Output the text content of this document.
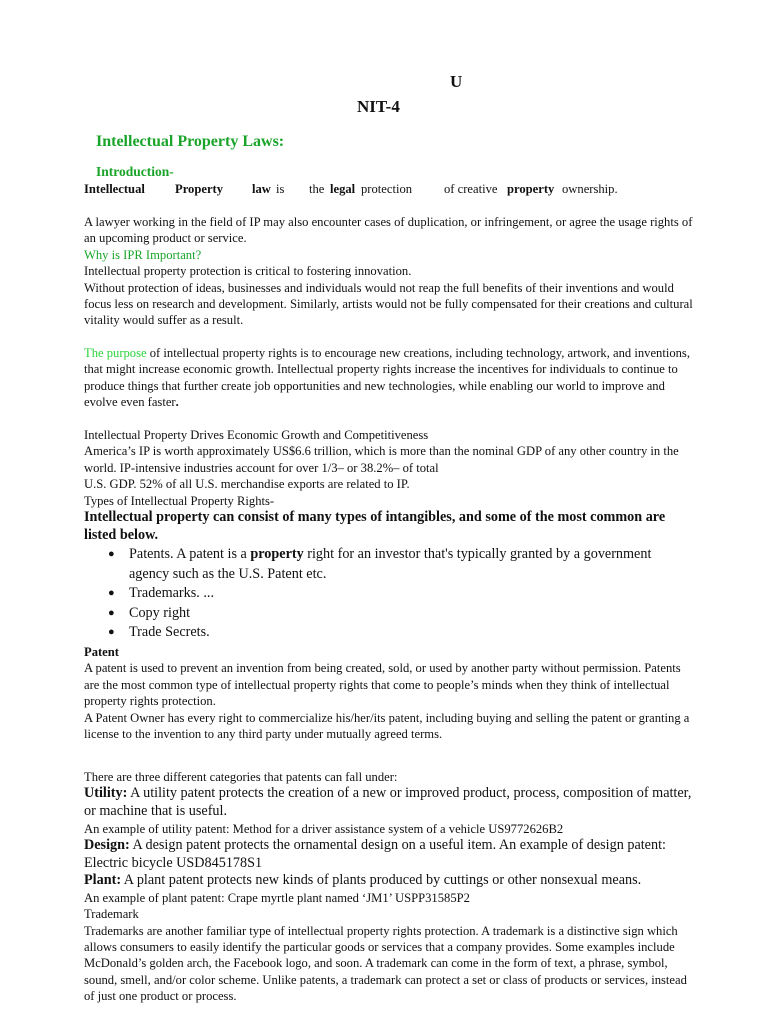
U
NIT-4
Intellectual Property Laws:
Introduction-
Intellectual Property law is the legal protection	of creative property ownership.

A lawyer working in the field of IP may also encounter cases of duplication, or infringement, or agree the usage rights of an upcoming product or service.

Why is IPR Important?

Intellectual property protection is critical to fostering innovation.

Without protection of ideas, businesses and individuals would not reap the full benefits of their inventions and would focus less on research and development. Similarly, artists would not be fully compensated for their creations and cultural vitality would suffer as a result.

The purpose of intellectual property rights is to encourage new creations, including technology, artwork, and inventions, that might increase economic growth. Intellectual property rights increase the incentives for individuals to continue to produce things that further create job opportunities and new technologies, while enabling our world to improve and evolve even faster.

Intellectual Property Drives Economic Growth and Competitiveness

America’s IP is worth approximately US$6.6 trillion, which is more than the nominal GDP of any other country in the world. IP-intensive industries account for over 1/3– or 38.2%– of total

U.S. GDP. 52% of all U.S. merchandise exports are related to IP.

Types of Intellectual Property Rights-

Intellectual property can consist of many types of intangibles, and some of the most common are listed below.

● Patents. A patent is a property right for an investor that's typically granted by a government agency such as the U.S. Patent etc.
● Trademarks. ...
● Copy right
● Trade Secrets.

Patent

A patent is used to prevent an invention from being created, sold, or used by another party without permission. Patents are the most common type of intellectual property rights that come to people’s minds when they think of intellectual property rights protection.

A Patent Owner has every right to commercialize his/her/its patent, including buying and selling the patent or granting a license to the invention to any third party under mutually agreed terms.

There are three different categories that patents can fall under:

Utility: A utility patent protects the creation of a new or improved product, process, composition of matter, or machine that is useful.

An example of utility patent: Method for a driver assistance system of a vehicle US9772626B2

Design: A design patent protects the ornamental design on a useful item. An example of design patent: Electric bicycle USD845178S1

Plant: A plant patent protects new kinds of plants produced by cuttings or other nonsexual means.

An example of plant patent: Crape myrtle plant named ‘JM1’ USPP31585P2

Trademark

Trademarks are another familiar type of intellectual property rights protection. A trademark is a distinctive sign which allows consumers to easily identify the particular goods or services that a company provides. Some examples include McDonald’s golden arch, the Facebook logo, and soon. A trademark can come in the form of text, a phrase, symbol, sound, smell, and/or color scheme. Unlike patents, a trademark can protect a set or class of products or services, instead of just one product or process.
